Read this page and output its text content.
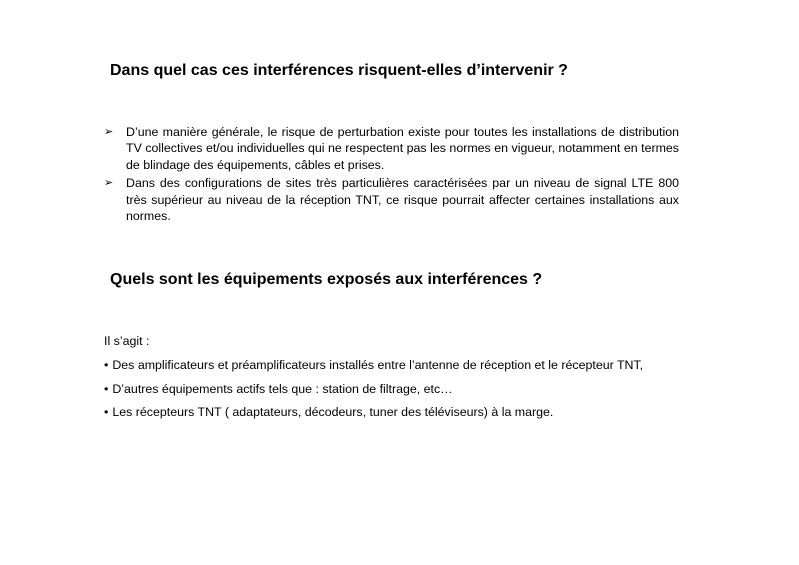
Dans quel cas ces interférences risquent-elles d’intervenir ?
➢ D’une manière générale, le risque de perturbation existe pour toutes les installations de distribution TV collectives et/ou individuelles qui ne respectent pas les normes en vigueur, notamment en termes de blindage des équipements, câbles et prises.
➢ Dans des configurations de sites très particulières caractérisées par un niveau de signal LTE 800 très supérieur au niveau de la réception TNT, ce risque pourrait affecter certaines installations aux normes.
Quels sont les équipements exposés aux interférences ?

Il s’agit :

• Des amplificateurs et préamplificateurs installés entre l’antenne de réception et le récepteur TNT,
• D’autres équipements actifs tels que : station de filtrage, etc…
• Les récepteurs TNT ( adaptateurs, décodeurs, tuner des téléviseurs) à la marge.
